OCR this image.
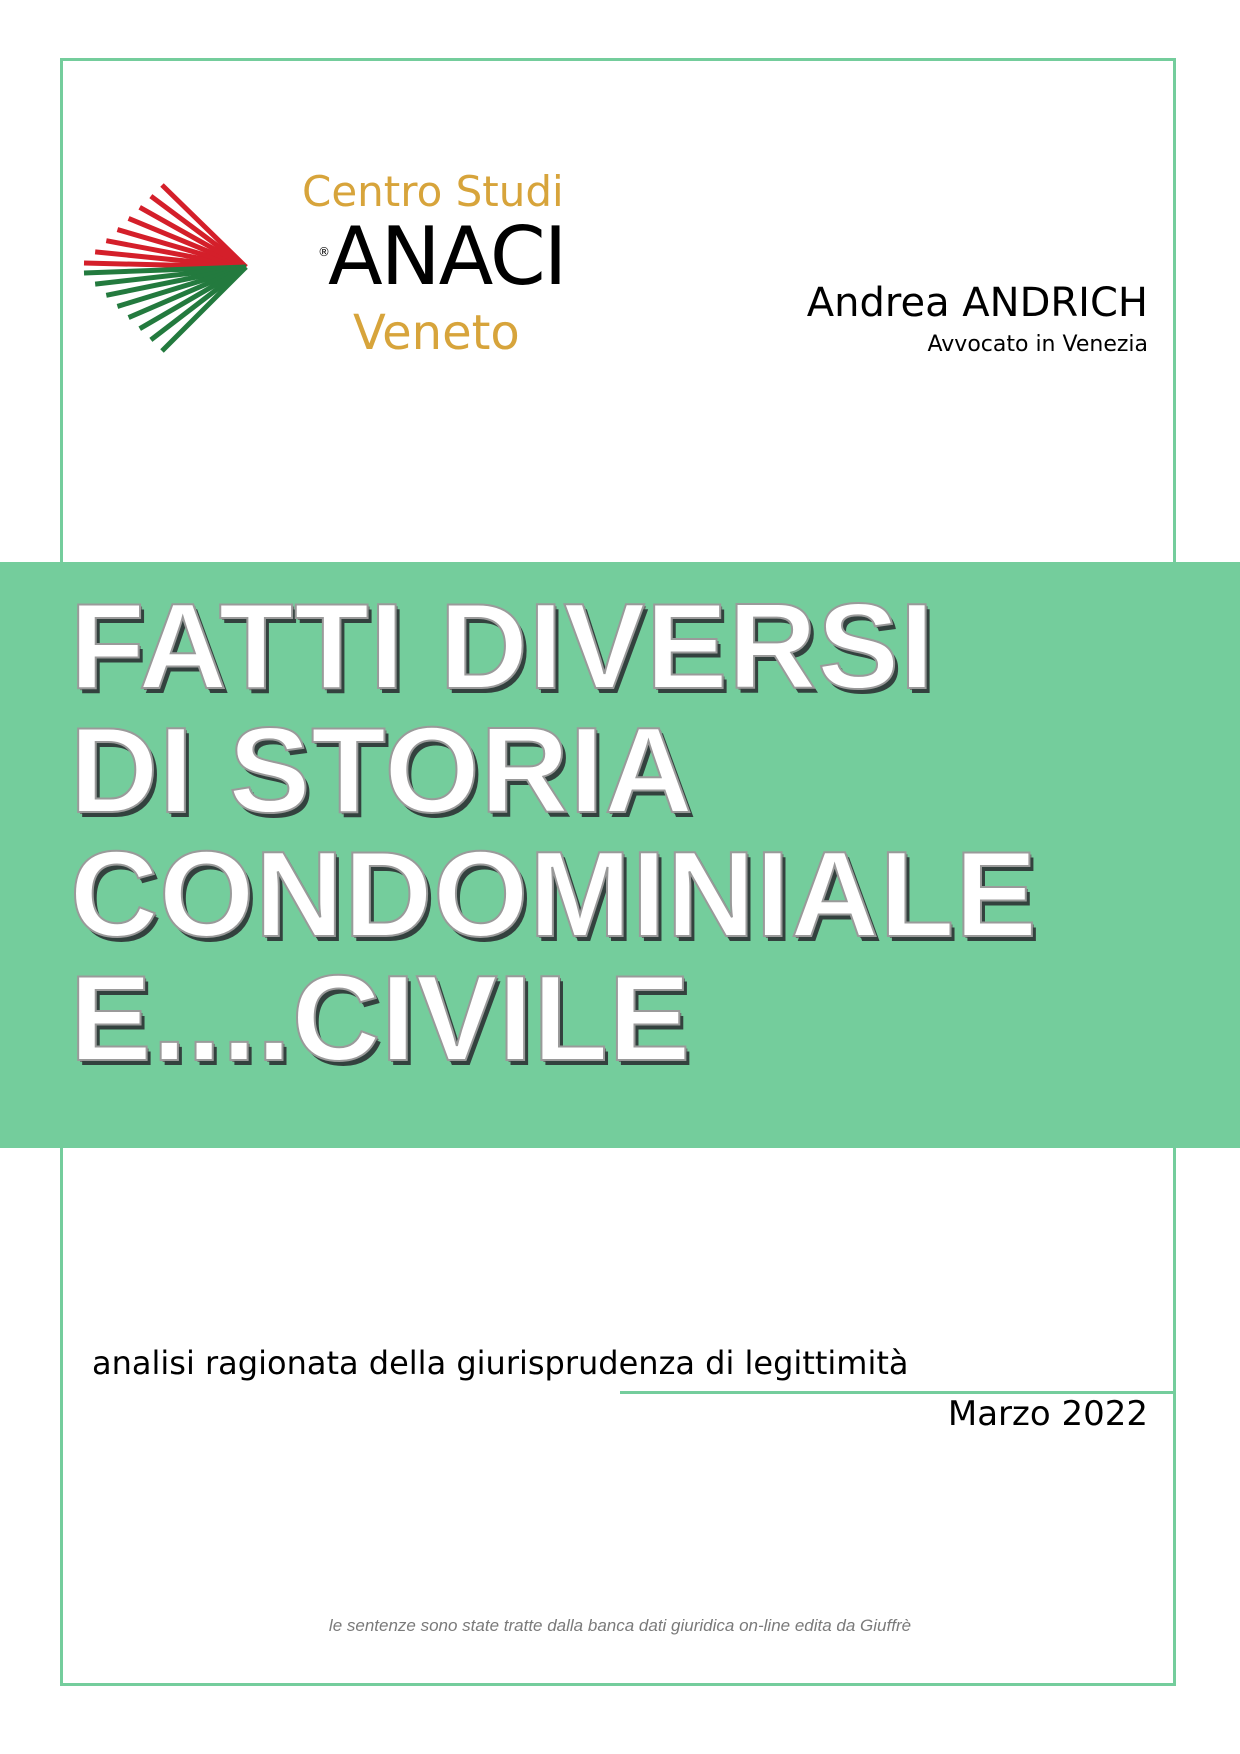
Centro Studi
®
ANACI
Veneto
Andrea ANDRICH
Avvocato in Venezia
FATTI DIVERSI
DI STORIA
CONDOMINIALE
E....CIVILE
analisi ragionata della giurisprudenza di legittimità
Marzo 2022
le sentenze sono state tratte dalla banca dati giuridica on-line edita da Giuffrè
